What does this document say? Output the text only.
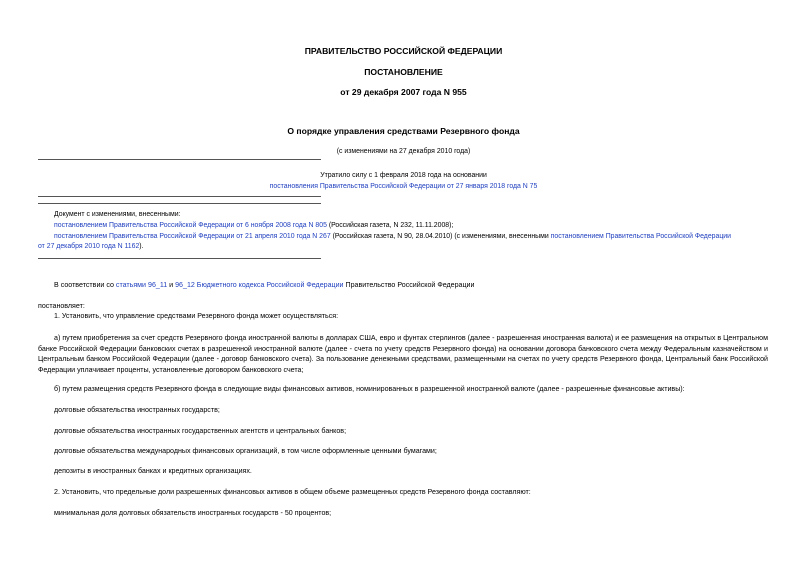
ПРАВИТЕЛЬСТВО РОССИЙСКОЙ ФЕДЕРАЦИИ
ПОСТАНОВЛЕНИЕ
от 29 декабря 2007 года N 955
О порядке управления средствами Резервного фонда
(с изменениями на 27 декабря 2010 года)
Утратило силу с 1 февраля 2018 года на основании
постановления Правительства Российской Федерации от 27 января 2018 года N 75
Документ с изменениями, внесенными:
постановлением Правительства Российской Федерации от 6 ноября 2008 года N 805 (Российская газета, N 232, 11.11.2008);
постановлением Правительства Российской Федерации от 21 апреля 2010 года N 267 (Российская газета, N 90, 28.04.2010) (с изменениями, внесенными постановлением Правительства Российской Федерации
от 27 декабря 2010 года N 1162).
В соответствии со статьями 96_11 и 96_12 Бюджетного кодекса Российской Федерации Правительство Российской Федерации
постановляет:
1. Установить, что управление средствами Резервного фонда может осуществляться:
а) путем приобретения за счет средств Резервного фонда иностранной валюты в долларах США, евро и фунтах стерлингов (далее - разрешенная иностранная валюта) и ее размещения на открытых в Центральном банке Российской Федерации банковских счетах в разрешенной иностранной валюте (далее - счета по учету средств Резервного фонда) на основании договора банковского счета между Федеральным казначейством и Центральным банком Российской Федерации (далее - договор банковского счета). За пользование денежными средствами, размещенными на счетах по учету средств Резервного фонда, Центральный банк Российской Федерации уплачивает проценты, установленные договором банковского счета;
б) путем размещения средств Резервного фонда в следующие виды финансовых активов, номинированных в разрешенной иностранной валюте (далее - разрешенные финансовые активы):
долговые обязательства иностранных государств;
долговые обязательства иностранных государственных агентств и центральных банков;
долговые обязательства международных финансовых организаций, в том числе оформленные ценными бумагами;
депозиты в иностранных банках и кредитных организациях.
2. Установить, что предельные доли разрешенных финансовых активов в общем объеме размещенных средств Резервного фонда составляют:
минимальная доля долговых обязательств иностранных государств - 50 процентов;
